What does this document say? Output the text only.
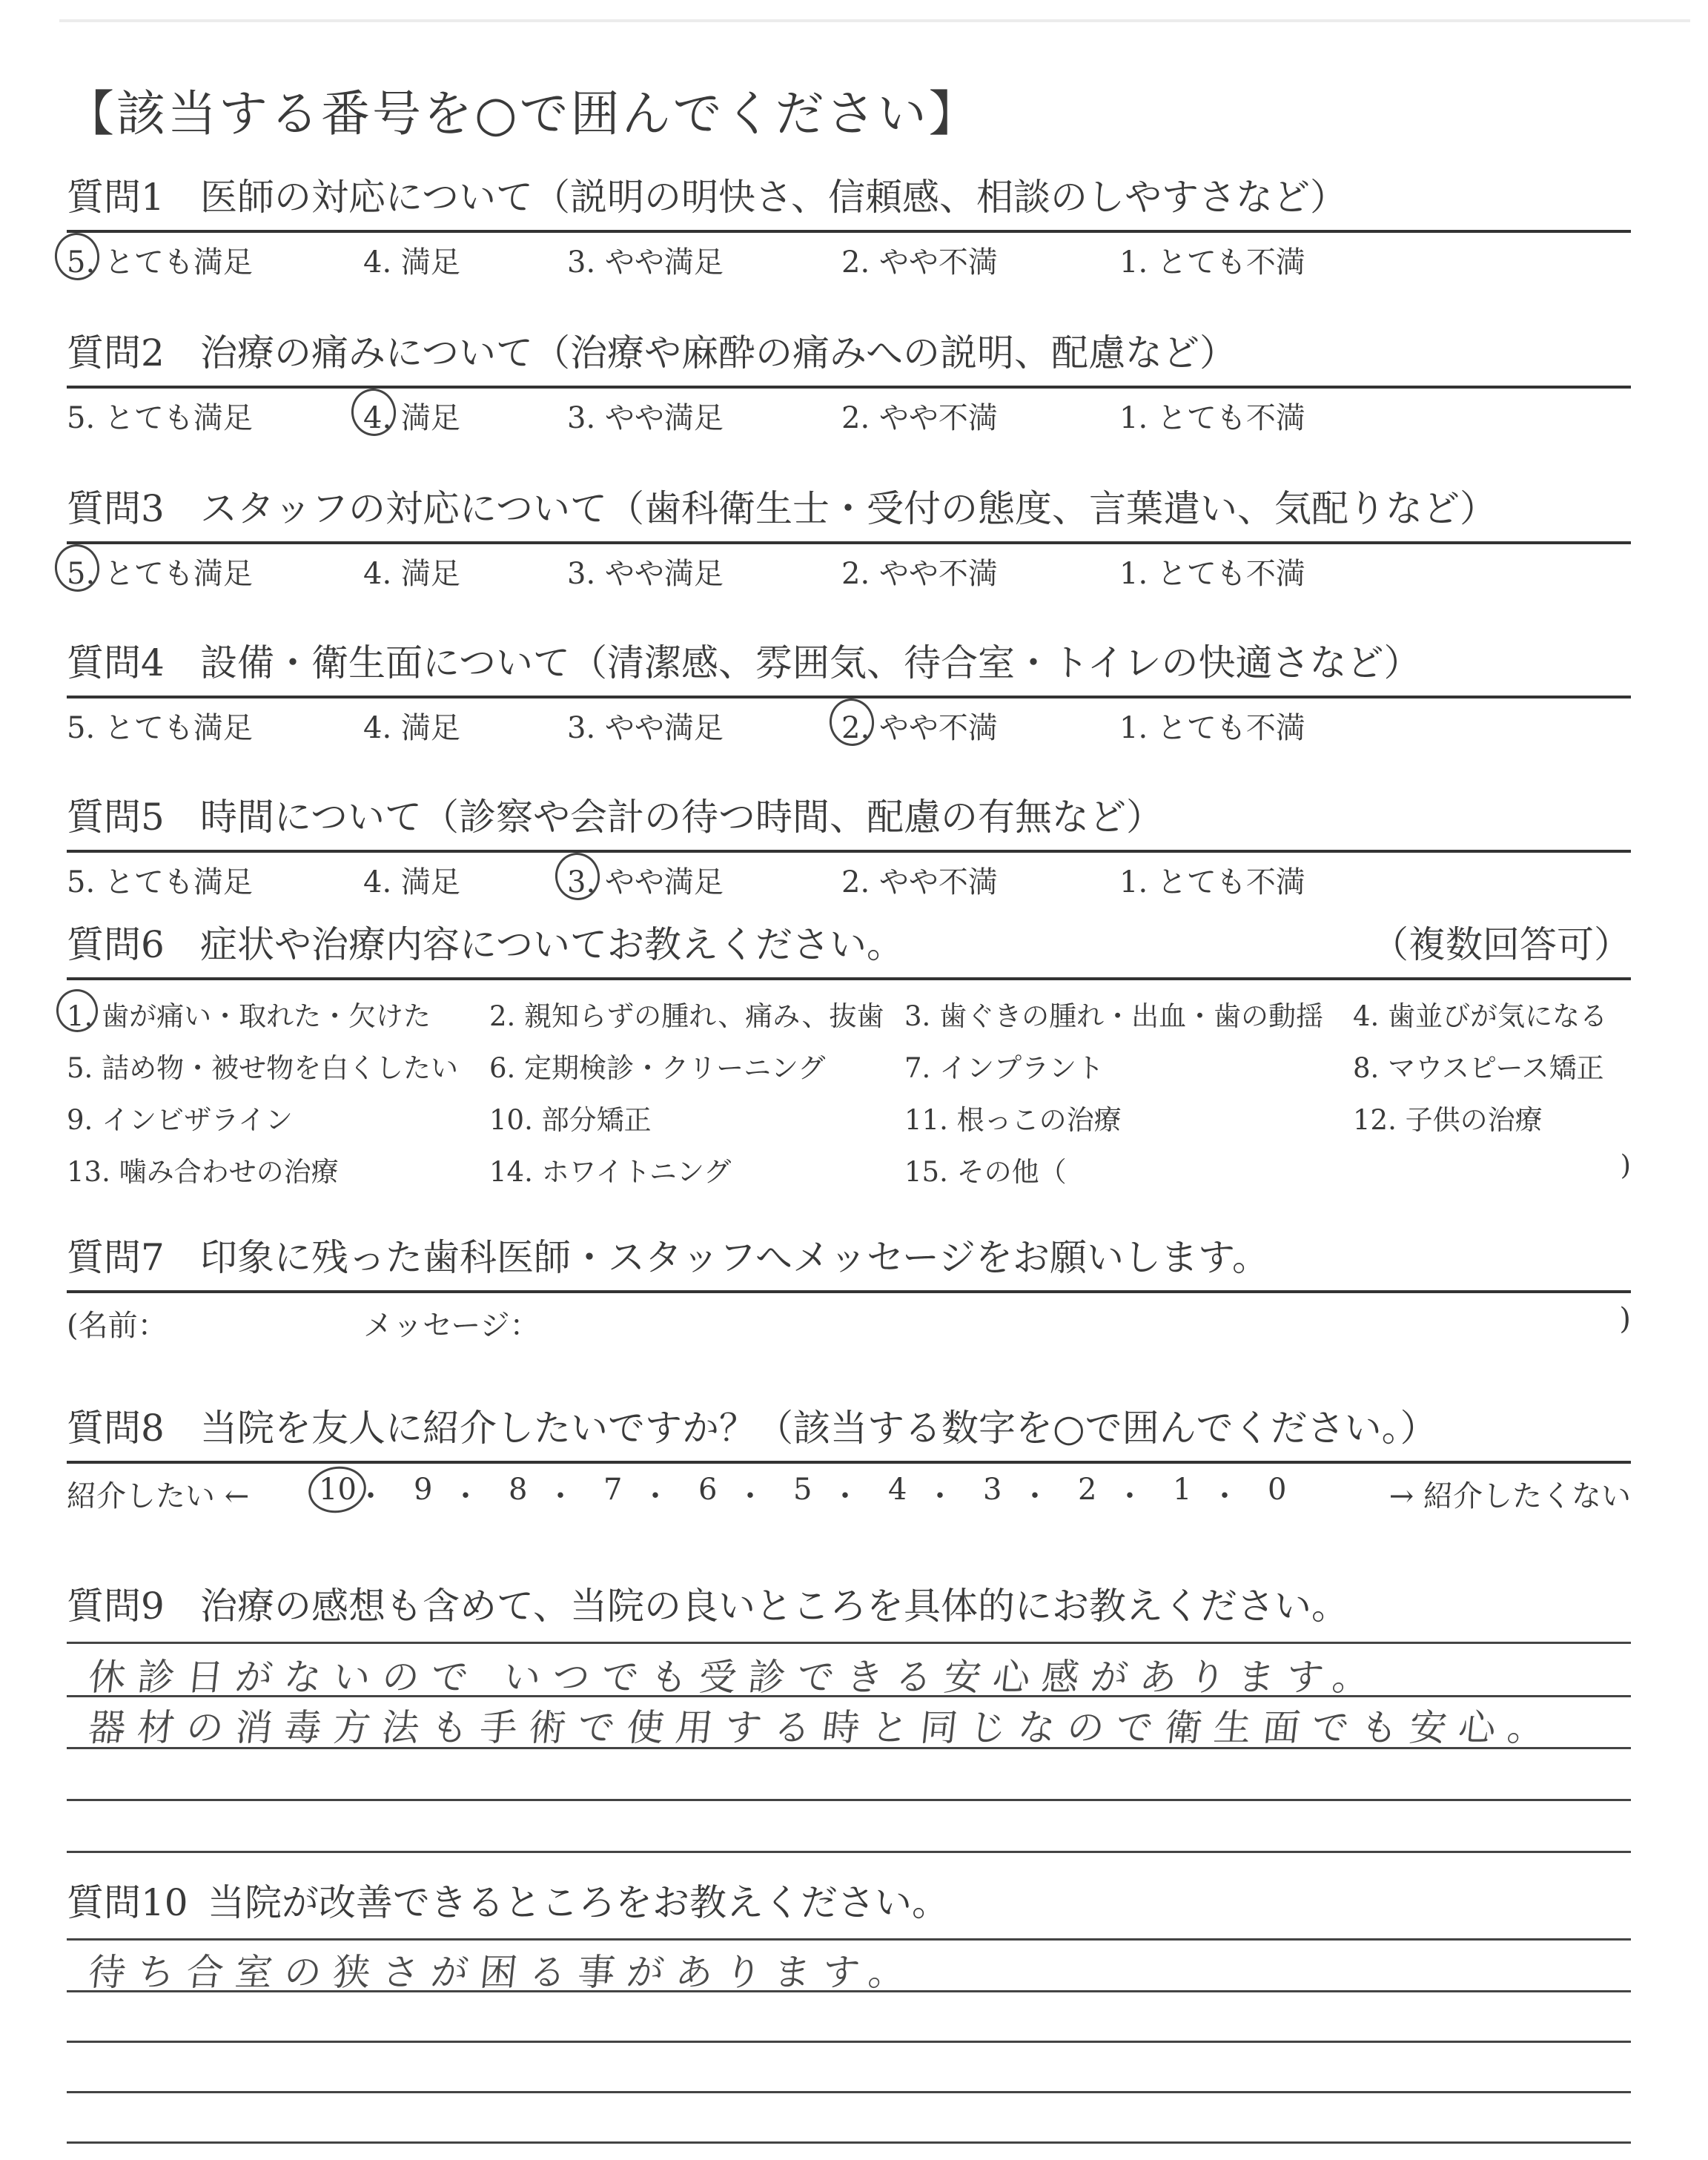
【該当する番号を○で囲んでください】
質問1 医師の対応について（説明の明快さ、信頼感、相談のしやすさなど）
5. とても満足	4. 満足	3. やや満足	2. やや不満	1. とても不満
質問2 治療の痛みについて（治療や麻酔の痛みへの説明、配慮など）
5. とても満足	4. 満足	3. やや満足	2. やや不満	1. とても不満
質問3 スタッフの対応について（歯科衛生士・受付の態度、言葉遣い、気配りなど）
5. とても満足	4. 満足	3. やや満足	2. やや不満	1. とても不満
質問4 設備・衛生面について（清潔感、雰囲気、待合室・トイレの快適さなど）
5. とても満足	4. 満足	3. やや満足	2. やや不満	1. とても不満
質問5 時間について（診察や会計の待つ時間、配慮の有無など）
5. とても満足	4. 満足	3. やや満足	2. やや不満	1. とても不満
質問6 症状や治療内容についてお教えください。	（複数回答可）
1. 歯が痛い・取れた・欠けた 2. 親知らずの腫れ、痛み、抜歯 3. 歯ぐきの腫れ・出血・歯の動揺 4. 歯並びが気になる
5. 詰め物・被せ物を白くしたい 6. 定期検診・クリーニング	7. インプラント	8. マウスピース矯正
9. インビザライン	10. 部分矯正	11. 根っこの治療	12. 子供の治療
13. 噛み合わせの治療	14. ホワイトニング	15. その他（	)
質問7 印象に残った歯科医師・スタッフへメッセージをお願いします。
(名前：	メッセージ：	)
質問8 当院を友人に紹介したいですか？（該当する数字を○で囲んでください。）
紹介したい ← 10 ・ 9 ・ 8 ・ 7 ・ 6 ・ 5 ・ 4 ・ 3 ・ 2 ・ 1 ・ 0	→ 紹介したくない
質問9 治療の感想も含めて、当院の良いところを具体的にお教えください。
休診日がないので いつでも受診できる安心感があります。
器材の消毒方法も手術で使用する時と同じなので衛生面でも安心。
質問10 当院が改善できるところをお教えください。
待ち合室の狭さが困る事があります。
